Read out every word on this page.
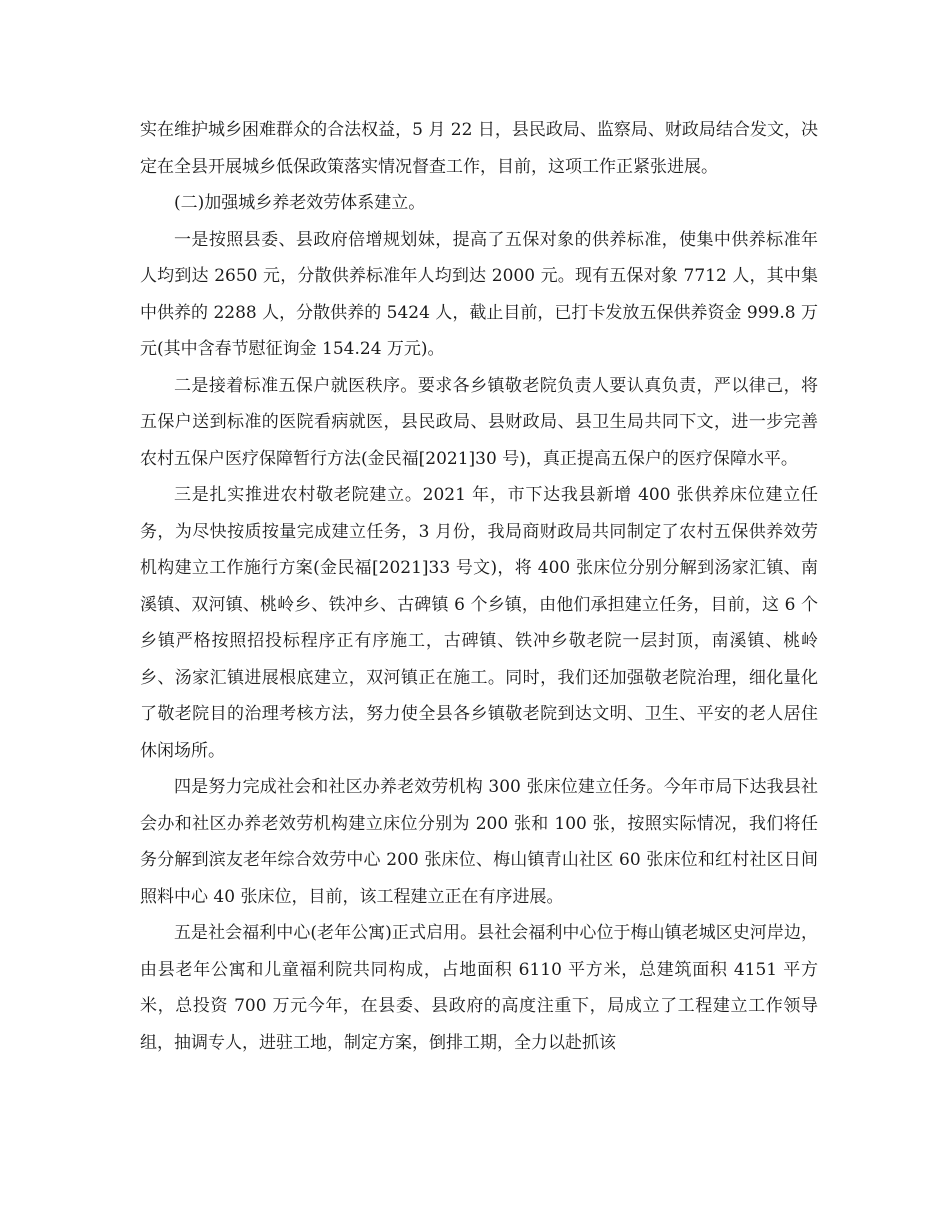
实在维护城乡困难群众的合法权益，5 月 22 日，县民政局、监察局、财政局结合发文，决定在全县开展城乡低保政策落实情况督查工作，目前，这项工作正紧张进展。

(二)加强城乡养老效劳体系建立。

一是按照县委、县政府倍增规划妹，提高了五保对象的供养标准，使集中供养标准年人均到达 2650 元，分散供养标准年人均到达 2000 元。现有五保对象 7712 人，其中集中供养的 2288 人，分散供养的 5424 人，截止目前，已打卡发放五保供养资金 999.8 万元(其中含春节慰征询金 154.24 万元)。

二是接着标准五保户就医秩序。要求各乡镇敬老院负责人要认真负责，严以律己，将五保户送到标准的医院看病就医，县民政局、县财政局、县卫生局共同下文，进一步完善农村五保户医疗保障暂行方法(金民福[2021]30 号)，真正提高五保户的医疗保障水平。

三是扎实推进农村敬老院建立。2021 年，市下达我县新增 400 张供养床位建立任务，为尽快按质按量完成建立任务，3 月份，我局商财政局共同制定了农村五保供养效劳机构建立工作施行方案(金民福[2021]33 号文)，将 400 张床位分别分解到汤家汇镇、南溪镇、双河镇、桃岭乡、铁冲乡、古碑镇 6 个乡镇，由他们承担建立任务，目前，这 6 个乡镇严格按照招投标程序正有序施工，古碑镇、铁冲乡敬老院一层封顶，南溪镇、桃岭乡、汤家汇镇进展根底建立，双河镇正在施工。同时，我们还加强敬老院治理，细化量化了敬老院目的治理考核方法，努力使全县各乡镇敬老院到达文明、卫生、平安的老人居住休闲场所。

四是努力完成社会和社区办养老效劳机构 300 张床位建立任务。今年市局下达我县社会办和社区办养老效劳机构建立床位分别为 200 张和 100 张，按照实际情况，我们将任务分解到滨友老年综合效劳中心 200 张床位、梅山镇青山社区 60 张床位和红村社区日间照料中心 40 张床位，目前，该工程建立正在有序进展。

五是社会福利中心(老年公寓)正式启用。县社会福利中心位于梅山镇老城区史河岸边，由县老年公寓和儿童福利院共同构成，占地面积 6110 平方米，总建筑面积 4151 平方米，总投资 700 万元今年，在县委、县政府的高度注重下，局成立了工程建立工作领导组，抽调专人，进驻工地，制定方案，倒排工期，全力以赴抓该
